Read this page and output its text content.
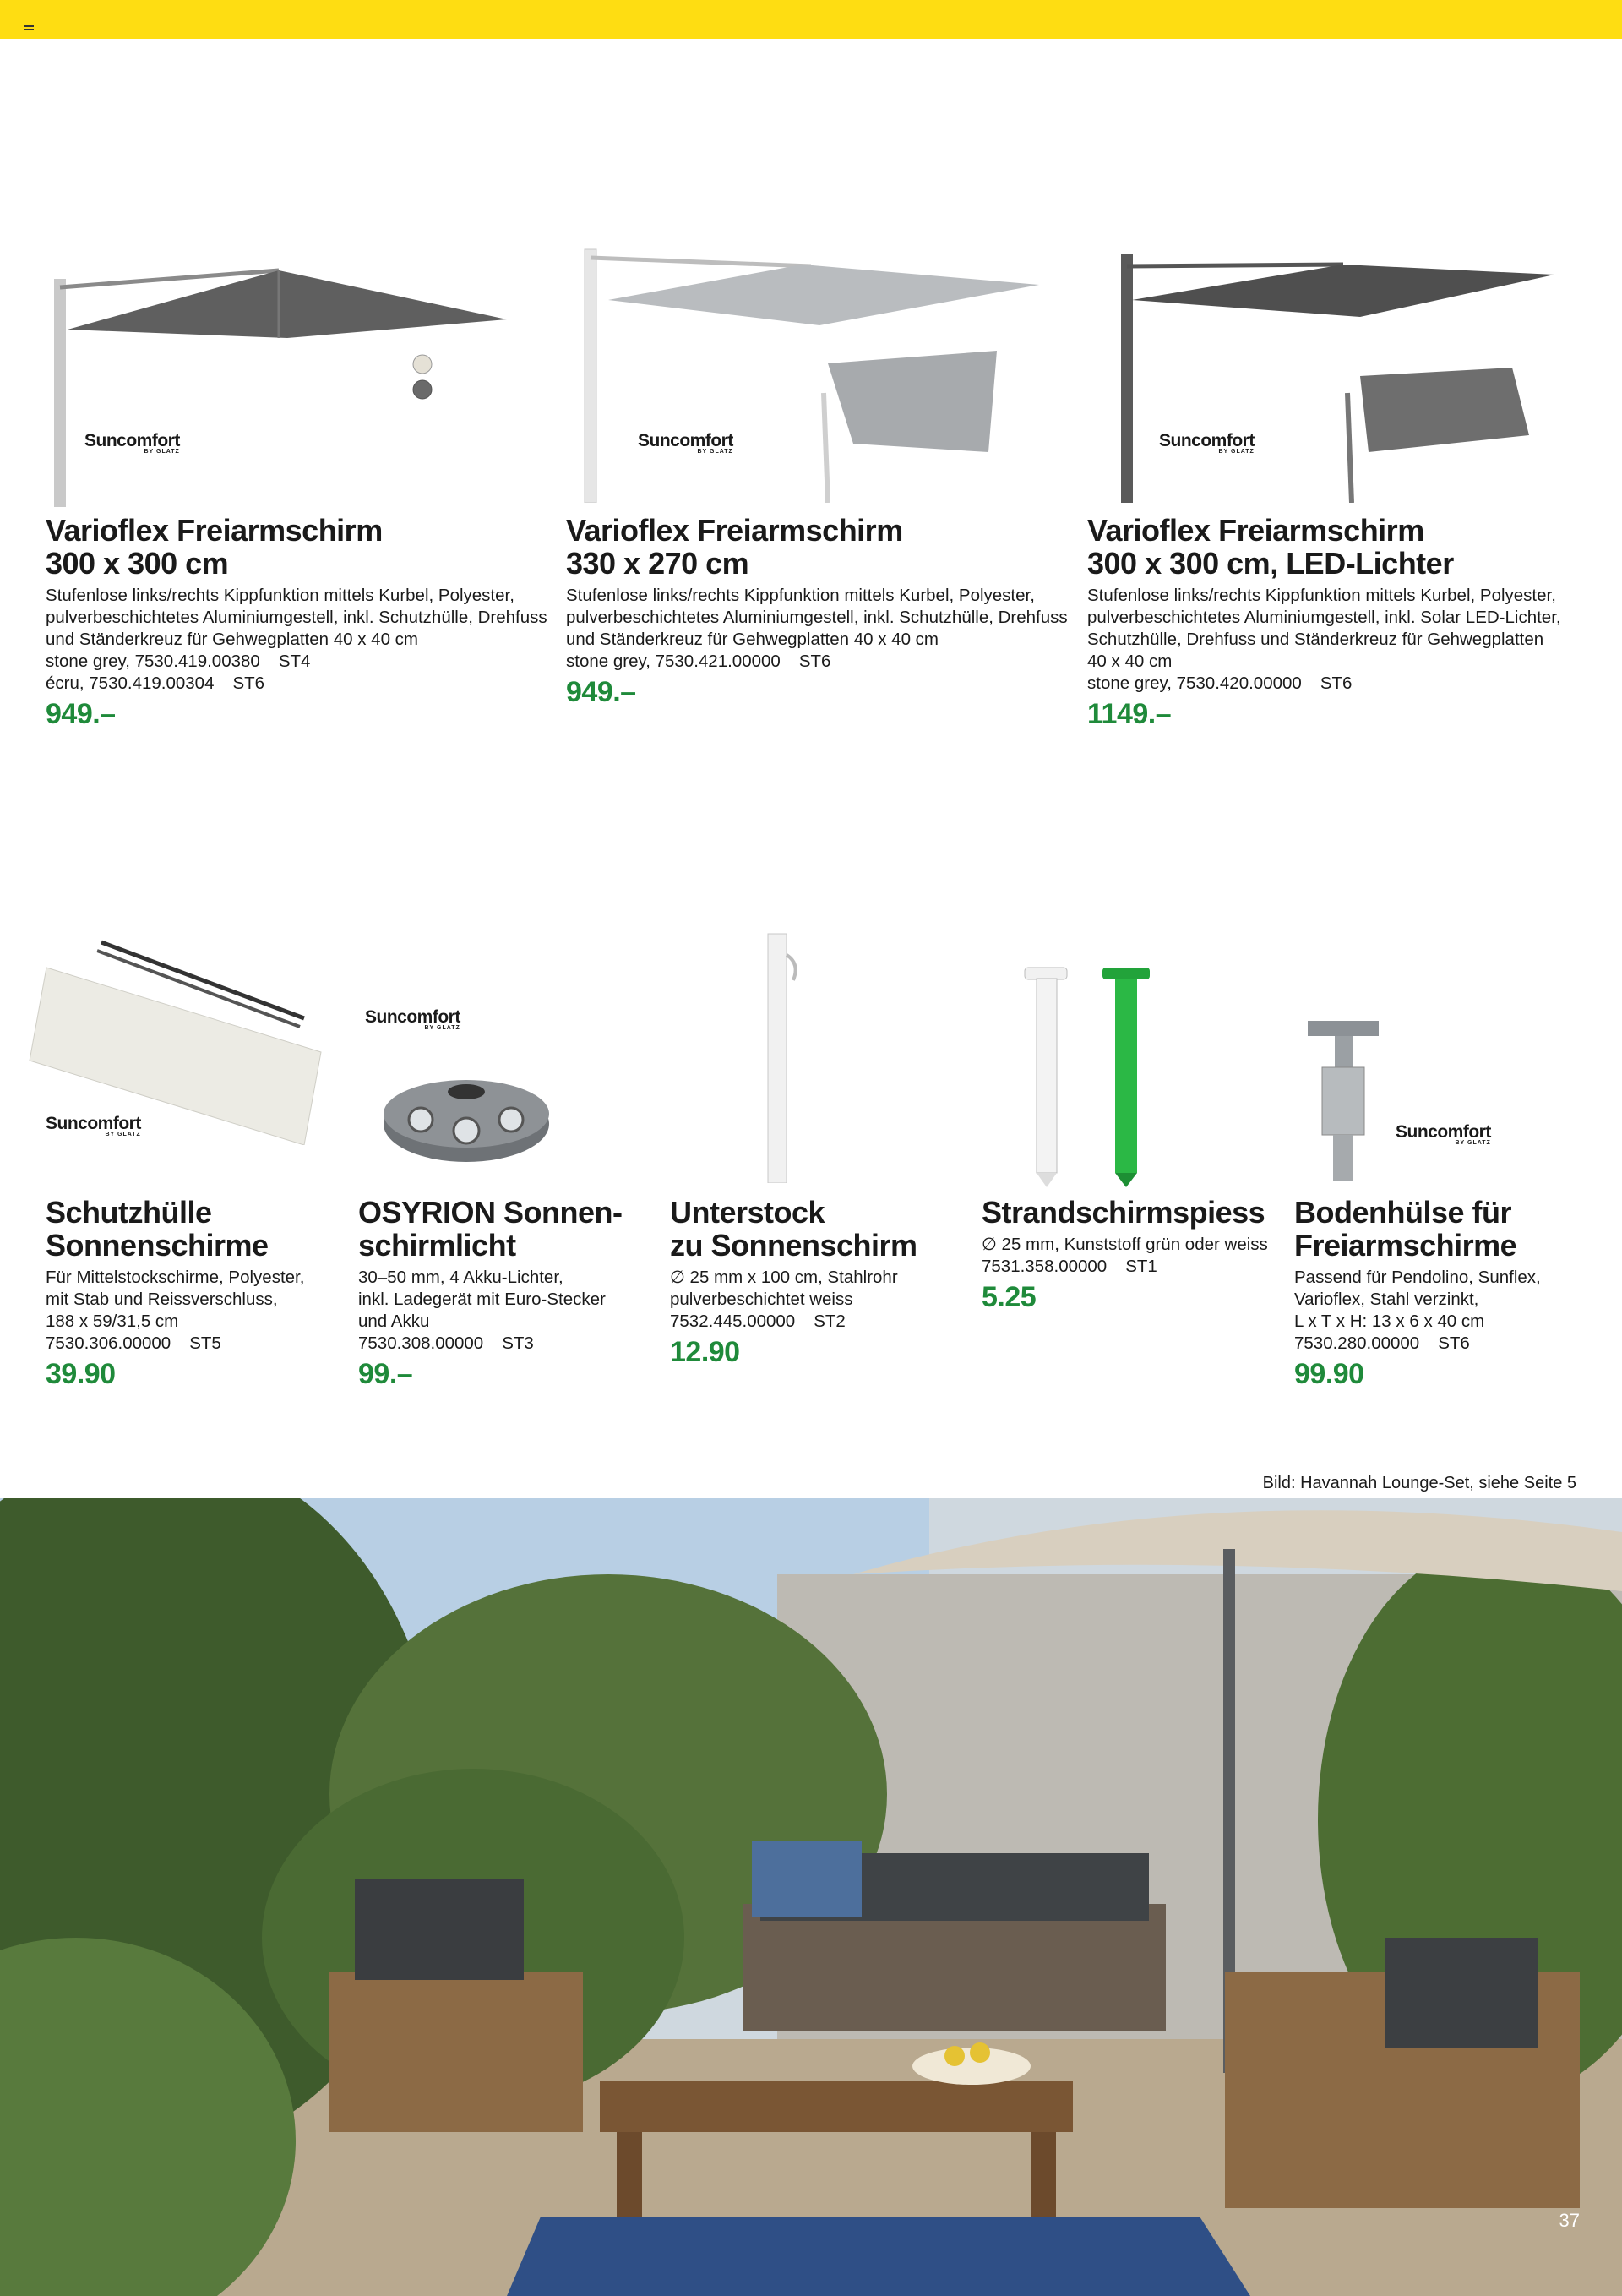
Suncomfort
BY GLATZ
Suncomfort
BY GLATZ
Suncomfort
BY GLATZ
Varioflex Freiarmschirm
300 x 300 cm
Stufenlose links/rechts Kippfunktion mittels Kurbel, Polyester,
pulverbeschichtetes Aluminiumgestell, inkl. Schutzhülle, Drehfuss
und Ständerkreuz für Gehwegplatten 40 x 40 cm
stone grey, 7530.419.00380 ST4
écru, 7530.419.00304 ST6
949.–
Varioflex Freiarmschirm
330 x 270 cm
Stufenlose links/rechts Kippfunktion mittels Kurbel, Polyester,
pulverbeschichtetes Aluminiumgestell, inkl. Schutzhülle, Drehfuss
und Ständerkreuz für Gehwegplatten 40 x 40 cm
stone grey, 7530.421.00000 ST6
949.–
Varioflex Freiarmschirm
300 x 300 cm, LED-Lichter
Stufenlose links/rechts Kippfunktion mittels Kurbel, Polyester,
pulverbeschichtetes Aluminiumgestell, inkl. Solar LED-Lichter,
Schutzhülle, Drehfuss und Ständerkreuz für Gehwegplatten
40 x 40 cm
stone grey, 7530.420.00000 ST6
1149.–
Suncomfort
BY GLATZ
Suncomfort
BY GLATZ
Suncomfort
BY GLATZ
Schutzhülle
Sonnenschirme
Für Mittelstockschirme, Polyester,
mit Stab und Reissverschluss,
188 x 59/31,5 cm
7530.306.00000 ST5
39.90
OSYRION Sonnen-
schirmlicht
30–50 mm, 4 Akku-Lichter,
inkl. Ladegerät mit Euro-Stecker
und Akku
7530.308.00000 ST3
99.–
Unterstock
zu Sonnenschirm
∅ 25 mm x 100 cm, Stahlrohr
pulverbeschichtet weiss
7532.445.00000 ST2
12.90
Strandschirmspiess
∅ 25 mm, Kunststoff grün oder weiss
7531.358.00000 ST1
5.25
Bodenhülse für
Freiarmschirme
Passend für Pendolino, Sunflex,
Varioflex, Stahl verzinkt,
L x T x H: 13 x 6 x 40 cm
7530.280.00000 ST6
99.90
Bild: Havannah Lounge-Set, siehe Seite 5
37
